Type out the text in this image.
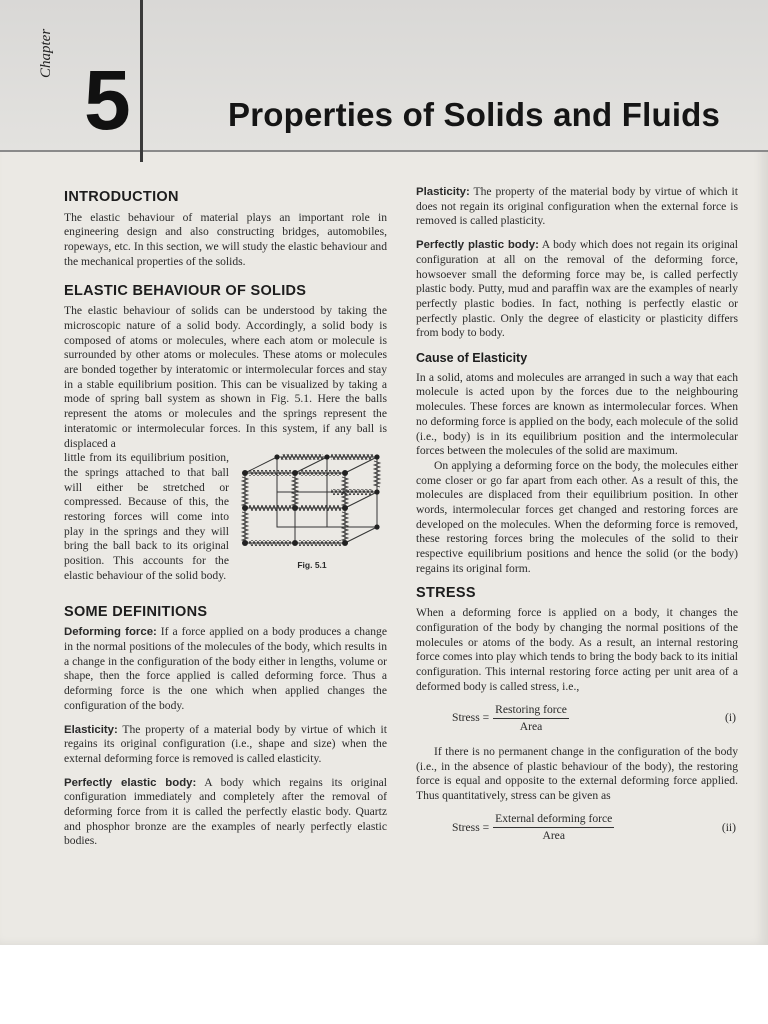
Chapter 5	Properties of Solids and Fluids
INTRODUCTION

The elastic behaviour of material plays an important role in engineering design and also constructing bridges, automobiles, ropeways, etc. In this section, we will study the elastic behaviour and the mechanical properties of the solids.

ELASTIC BEHAVIOUR OF SOLIDS

The elastic behaviour of solids can be understood by taking the microscopic nature of a solid body. Accordingly, a solid body is composed of atoms or molecules, where each atom or molecule is surrounded by other atoms or molecules. These atoms or molecules are bonded together by interatomic or intermolecular forces and stay in a stable equilibrium position. This can be visualized by taking a mode of spring ball system as shown in Fig. 5.1. Here the balls represent the atoms or molecules and the springs represent the interatomic or intermolecular forces. In this system, if any ball is displaced a

Fig. 5.1

little from its equilibrium position, the springs attached to that ball will either be stretched or compressed. Because of this, the restoring forces will come into play in the springs and they will bring the ball back to its original position. This accounts for the elastic behaviour of the solid body.

SOME DEFINITIONS

Deforming force: If a force applied on a body produces a change in the normal positions of the molecules of the body, which results in a change in the configuration of the body either in lengths, volume or shape, then the force applied is called deforming force. Thus a deforming force is the one which when applied changes the configuration of the body.

Elasticity: The property of a material body by virtue of which it regains its original configuration (i.e., shape and size) when the external deforming force is removed is called elasticity.

Perfectly elastic body: A body which regains its original configuration immediately and completely after the removal of deforming force from it is called the perfectly elastic body. Quartz and phosphor bronze are the examples of nearly perfectly elastic bodies.

Plasticity: The property of the material body by virtue of which it does not regain its original configuration when the external force is removed is called plasticity.

Perfectly plastic body: A body which does not regain its original configuration at all on the removal of the deforming force, howsoever small the deforming force may be, is called perfectly plastic body. Putty, mud and paraffin wax are the examples of nearly perfectly plastic bodies. In fact, nothing is perfectly elastic or perfectly plastic. Only the degree of elasticity or plasticity differs from body to body.

Cause of Elasticity

In a solid, atoms and molecules are arranged in such a way that each molecule is acted upon by the forces due to the neighbouring molecules. These forces are known as intermolecular forces. When no deforming force is applied on the body, each molecule of the solid (i.e., body) is in its equilibrium position and the intermolecular forces between the molecules of the solid are maximum.

On applying a deforming force on the body, the molecules either come closer or go far apart from each other. As a result of this, the molecules are displaced from their equilibrium position. In other words, intermolecular forces get changed and restoring forces are developed on the molecules. When the deforming force is removed, these restoring forces bring the molecules of the solid to their respective equilibrium positions and hence the solid (or the body) regains its original form.

STRESS

When a deforming force is applied on a body, it changes the configuration of the body by changing the normal positions of the molecules or atoms of the body. As a result, an internal restoring force comes into play which tends to bring the body back to its initial configuration. This internal restoring force acting per unit area of a deformed body is called stress, i.e.,

Stress = $\frac{\text{Restoring force}}{\text{Area}}$	(i)

If there is no permanent change in the configuration of the body (i.e., in the absence of plastic behaviour of the body), the restoring force is equal and opposite to the external deforming force applied. Thus quantitatively, stress can be given as

Stress = $\frac{\text{External deforming force}}{\text{Area}}$	(ii)
